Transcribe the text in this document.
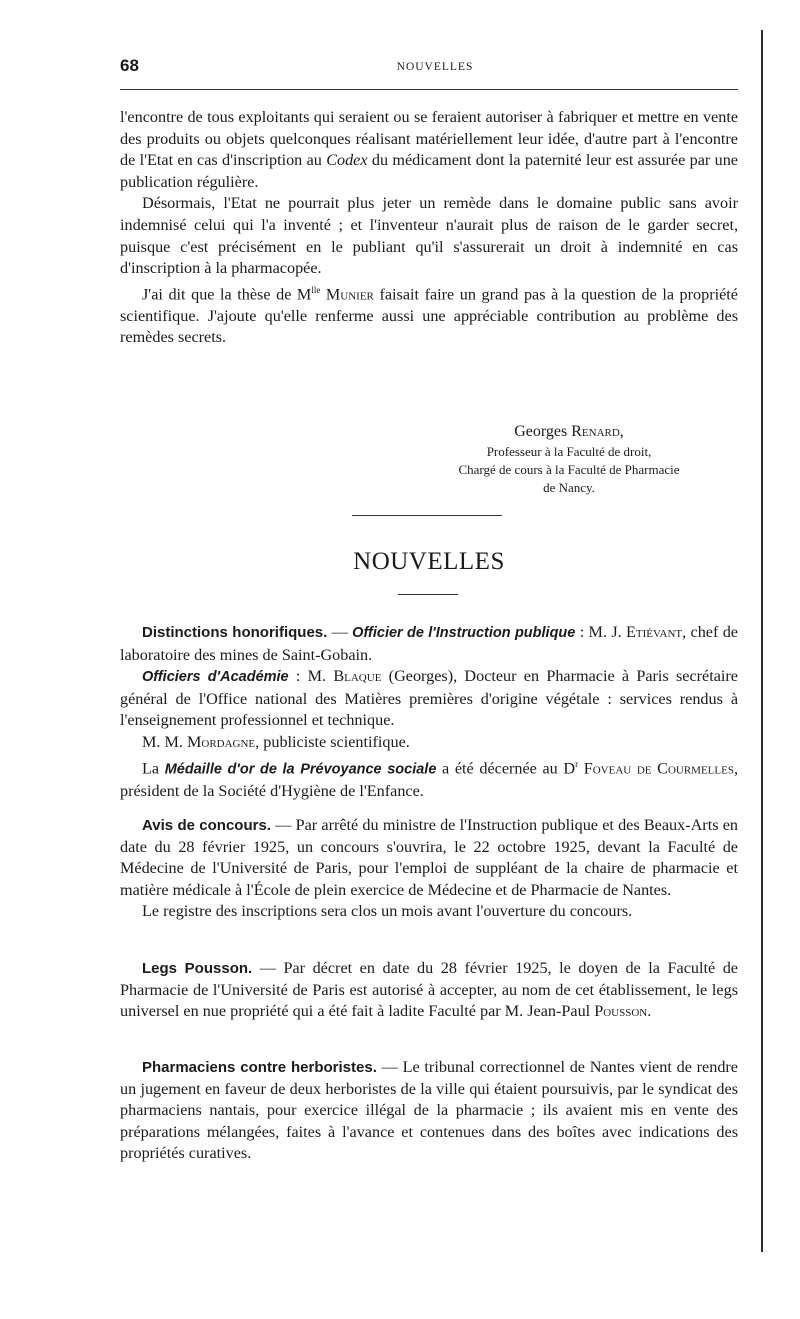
68	NOUVELLES

l'encontre de tous exploitants qui seraient ou se feraient autoriser à fabriquer et mettre en vente des produits ou objets quelconques réalisant matériellement leur idée, d'autre part à l'encontre de l'Etat en cas d'inscription au Codex du médicament dont la paternité leur est assurée par une publication régulière.

Désormais, l'Etat ne pourrait plus jeter un remède dans le domaine public sans avoir indemnisé celui qui l'a inventé ; et l'inventeur n'aurait plus de raison de le garder secret, puisque c'est précisément en le publiant qu'il s'assurerait un droit à indemnité en cas d'inscription à la pharmacopée.

J'ai dit que la thèse de $M^{lle}$ Munier faisait faire un grand pas à la question de la propriété scientifique. J'ajoute qu'elle renferme aussi une appréciable contribution au problème des remèdes secrets.

Georges Renard,
Professeur à la Faculté de droit,
Chargé de cours à la Faculté de Pharmacie
de Nancy.
NOUVELLES

Distinctions honorifiques. — Officier de l'Instruction publique : M. J. Etiévant, chef de laboratoire des mines de Saint-Gobain.

Officiers d'Académie : M. Blaque (Georges), Docteur en Pharmacie à Paris secrétaire général de l'Office national des Matières premières d'origine végétale : services rendus à l'enseignement professionnel et technique.

M. M. Mordagne, publiciste scientifique.

La Médaille d'or de la Prévoyance sociale a été décernée au $D^r$ Foveau de Courmelles, président de la Société d'Hygiène de l'Enfance.

Avis de concours. — Par arrêté du ministre de l'Instruction publique et des Beaux-Arts en date du 28 février 1925, un concours s'ouvrira, le 22 octobre 1925, devant la Faculté de Médecine de l'Université de Paris, pour l'emploi de suppléant de la chaire de pharmacie et matière médicale à l'École de plein exercice de Médecine et de Pharmacie de Nantes.

Le registre des inscriptions sera clos un mois avant l'ouverture du concours.

Legs Pousson. — Par décret en date du 28 février 1925, le doyen de la Faculté de Pharmacie de l'Université de Paris est autorisé à accepter, au nom de cet établissement, le legs universel en nue propriété qui a été fait à ladite Faculté par M. Jean-Paul Pousson.

Pharmaciens contre herboristes. — Le tribunal correctionnel de Nantes vient de rendre un jugement en faveur de deux herboristes de la ville qui étaient poursuivis, par le syndicat des pharmaciens nantais, pour exercice illégal de la pharmacie ; ils avaient mis en vente des préparations mélangées, faites à l'avance et contenues dans des boîtes avec indications des propriétés curatives.
